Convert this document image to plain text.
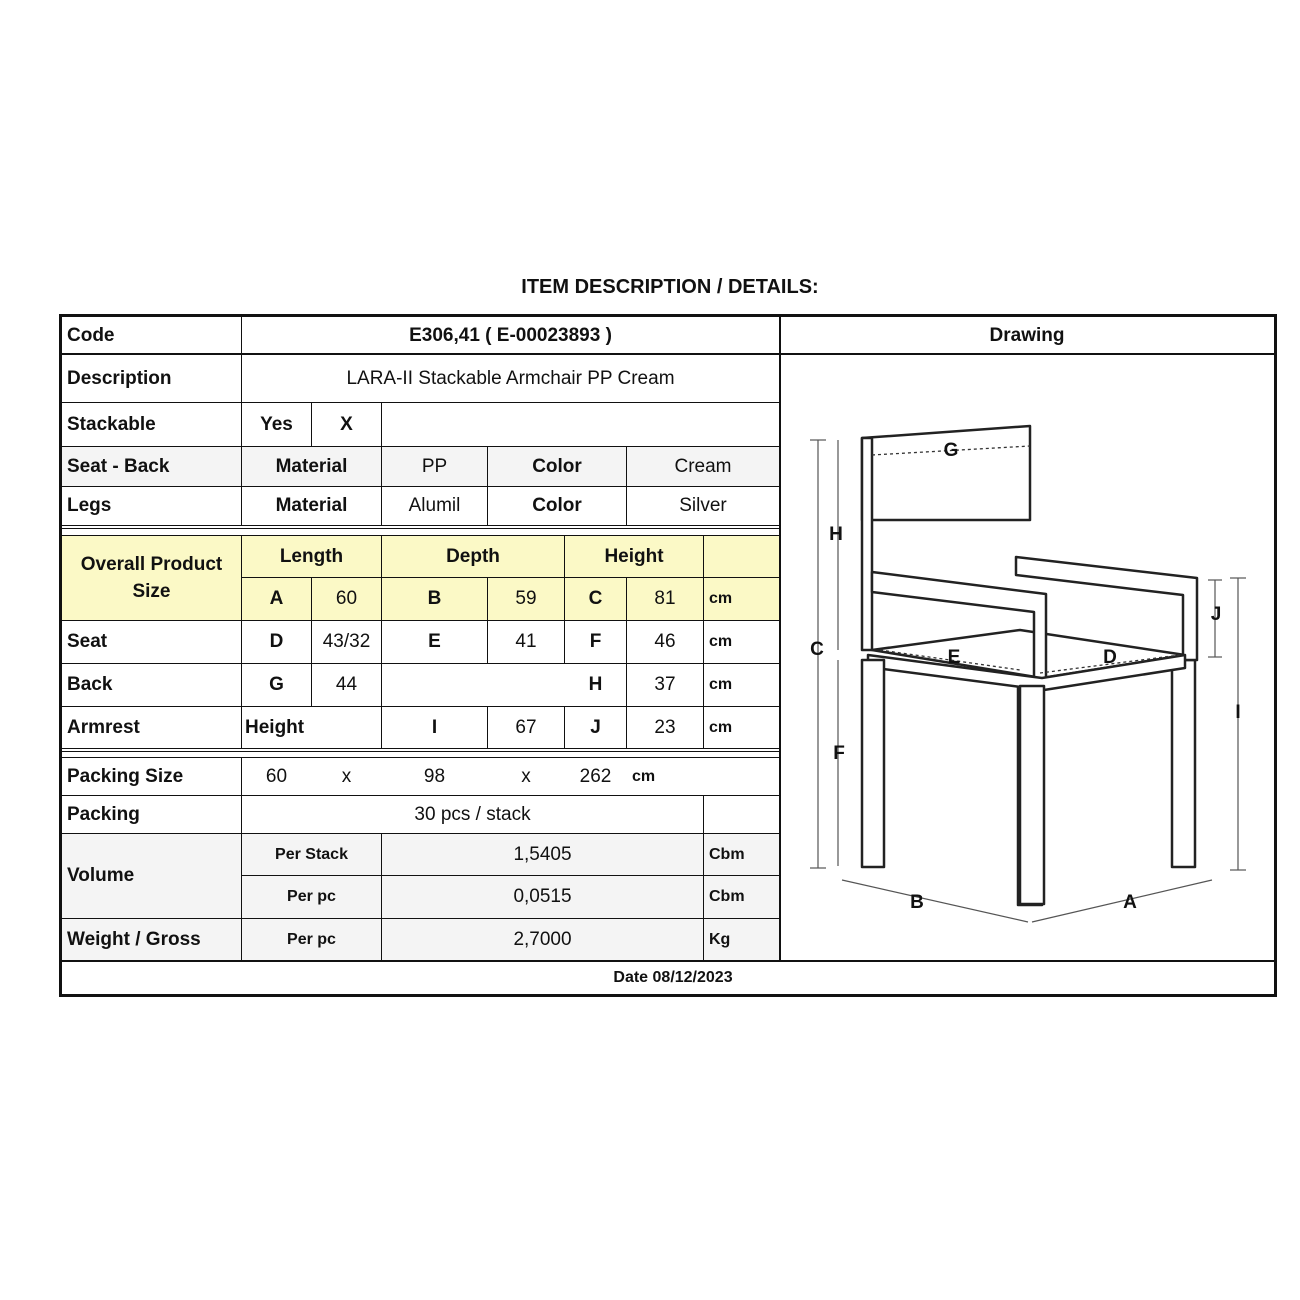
ITEM DESCRIPTION / DETAILS:
Code	E306,41 ( E-00023893 )	Drawing
Description	LARA-II Stackable Armchair PP Cream
Stackable	Yes	X
Seat - Back	Material	PP	Color	Cream
Legs	Material	Alumil	Color	Silver
Overall Product Size
Length	Depth	Height
A	60	B	59	C	81	cm
Seat	D	43/32	E	41	F	46	cm
Back	G	44	H	37	cm
Armrest	Height	I	67	J	23	cm
Packing Size	60	x	98	x	262	cm
Packing	30 pcs / stack
Volume
Per Stack	1,5405	Cbm
Per pc	0,0515	Cbm
Weight / Gross	Per pc	2,7000	Kg
Date 08/12/2023
G
H
C
F
E	D
J
I
B	A
